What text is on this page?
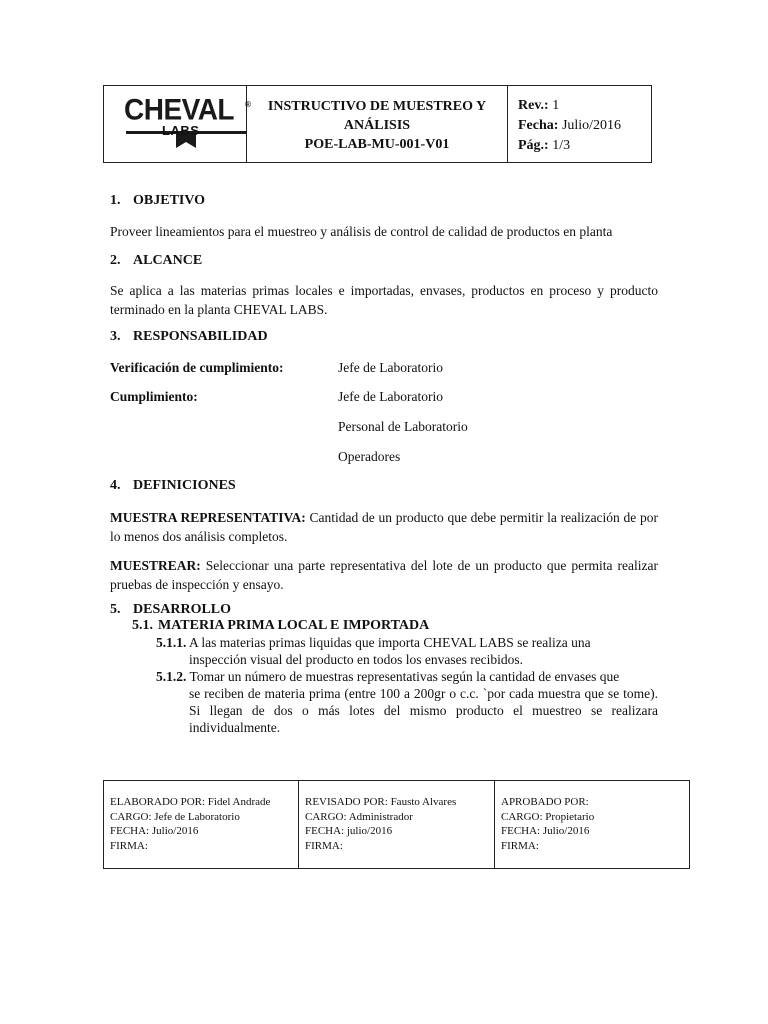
CHEVAL ®
LABS
INSTRUCTIVO DE MUESTREO Y
ANÁLISIS
POE-LAB-MU-001-V01
Rev.: 1
Fecha: Julio/2016
Pág.: 1/3
1. OBJETIVO
Proveer lineamientos para el muestreo y análisis de control de calidad de productos en planta
2. ALCANCE
Se aplica a las materias primas locales e importadas, envases, productos en proceso y producto terminado en la planta CHEVAL LABS.
3. RESPONSABILIDAD
Verificación de cumplimiento:	Jefe de Laboratorio
Cumplimiento:	Jefe de Laboratorio
Personal de Laboratorio
Operadores
4. DEFINICIONES
MUESTRA REPRESENTATIVA: Cantidad de un producto que debe permitir la realización de por lo menos dos análisis completos.
MUESTREAR: Seleccionar una parte representativa del lote de un producto que permita realizar pruebas de inspección y ensayo.
5. DESARROLLO
5.1. MATERIA PRIMA LOCAL E IMPORTADA
5.1.1. A las materias primas liquidas que importa CHEVAL LABS se realiza una
inspección visual del producto en todos los envases recibidos.
5.1.2. Tomar un número de muestras representativas según la cantidad de envases que
se reciben de materia prima (entre 100 a 200gr o c.c. `por cada muestra que se tome). Si llegan de dos o más lotes del mismo producto el muestreo se realizara individualmente.
ELABORADO POR: Fidel Andrade
CARGO: Jefe de Laboratorio
FECHA: Julio/2016
FIRMA:
REVISADO POR: Fausto Alvares
CARGO: Administrador
FECHA: julio/2016
FIRMA:
APROBADO POR:
CARGO: Propietario
FECHA: Julio/2016
FIRMA:
